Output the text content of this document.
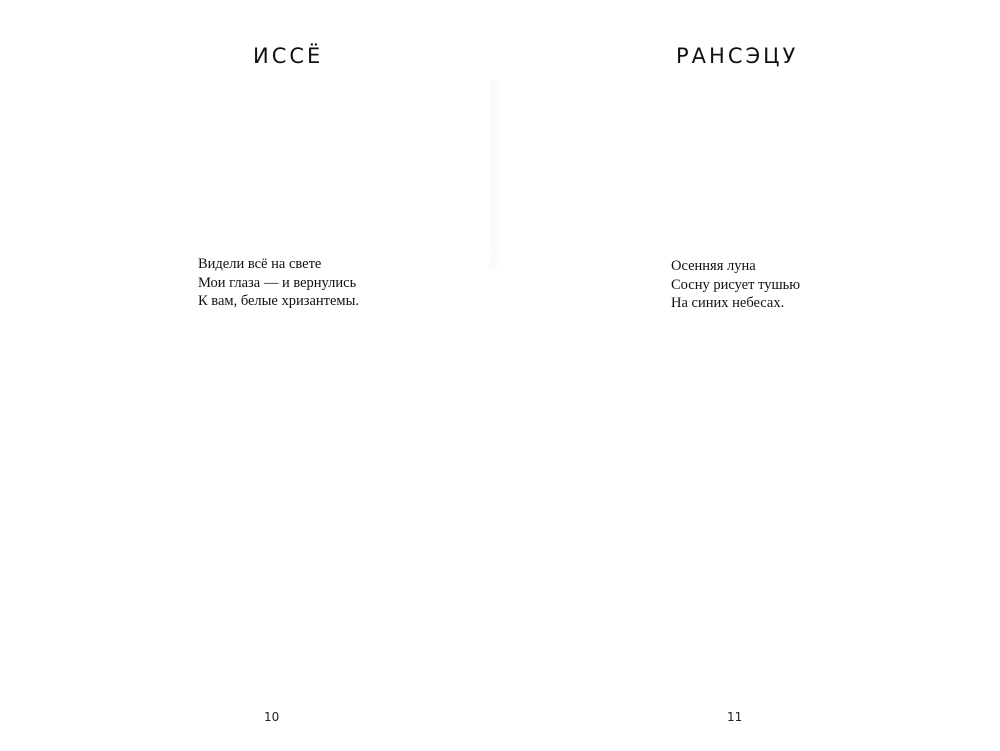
ИССЁ
Видели всё на свете
Мои глаза — и вернулись
К вам, белые хризантемы.
10
РАНСЭЦУ
Осенняя луна
Сосну рисует тушью
На синих небесах.
11
